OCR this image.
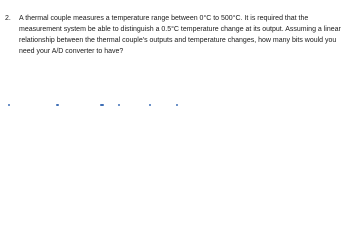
2.	A thermal couple measures a temperature range between 0°C to 500°C. It is required that the measurement system be able to distinguish a 0.5°C temperature change at its output. Assuming a linear relationship between the thermal couple's outputs and temperature changes, how many bits would you need your A/D converter to have?
